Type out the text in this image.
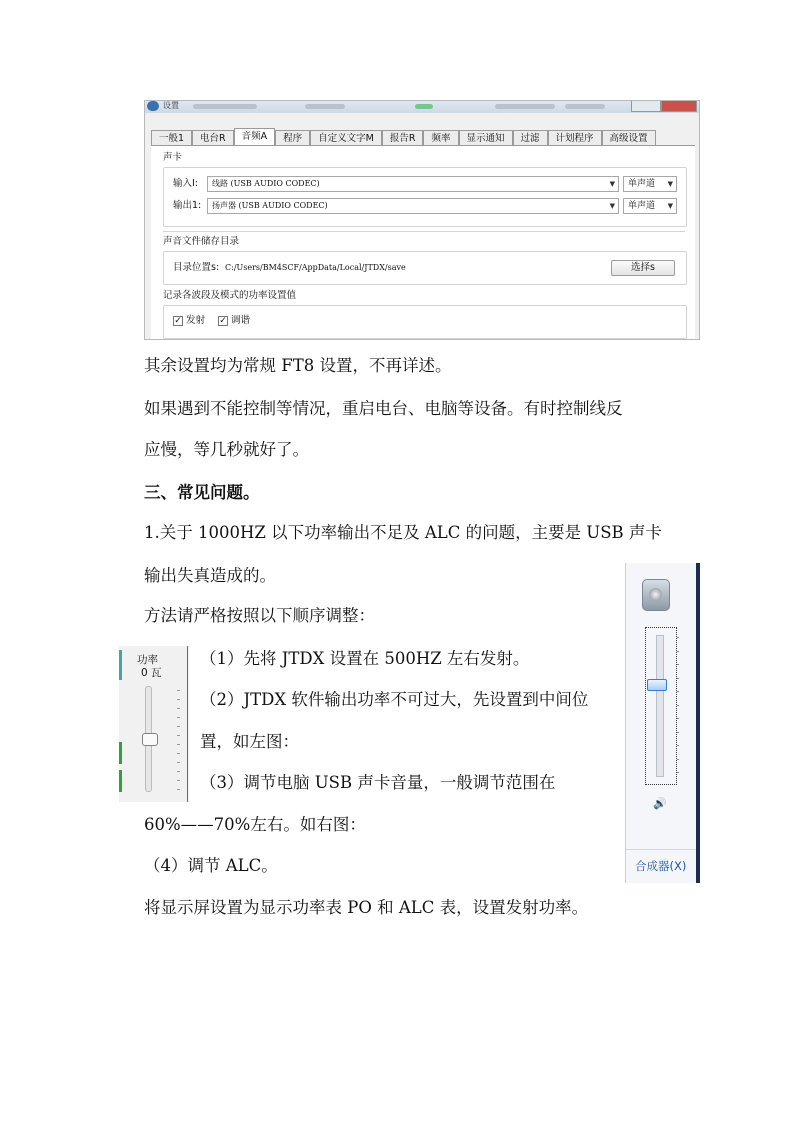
设置
一般1	电台R	音频A	程序	自定义文字M	报告R	频率	显示通知	过滤	计划程序	高级设置
声卡
输入I:	线路 (USB AUDIO CODEC)	▼	单声道 ▼
输出1:	扬声器 (USB AUDIO CODEC)	▼	单声道 ▼
声音文件储存目录
目录位置s: C:/Users/BM4SCF/AppData/Local/JTDX/save	选择s
记录各波段及模式的功率设置值
✓ 发射 ✓ 调谐
其余设置均为常规 FT8 设置，不再详述。
如果遇到不能控制等情况，重启电台、电脑等设备。有时控制线反
应慢，等几秒就好了。
三、常见问题。
1.关于 1000HZ 以下功率输出不足及 ALC 的问题，主要是 USB 声卡
输出失真造成的。
方法请严格按照以下顺序调整：
（1）先将 JTDX 设置在 500HZ 左右发射。
（2）JTDX 软件输出功率不可过大，先设置到中间位
置，如左图：
（3）调节电脑 USB 声卡音量，一般调节范围在
60%——70%左右。如右图：
（4）调节 ALC。
将显示屏设置为显示功率表 PO 和 ALC 表，设置发射功率。
功率
0 瓦
🔊
合成器(X)
